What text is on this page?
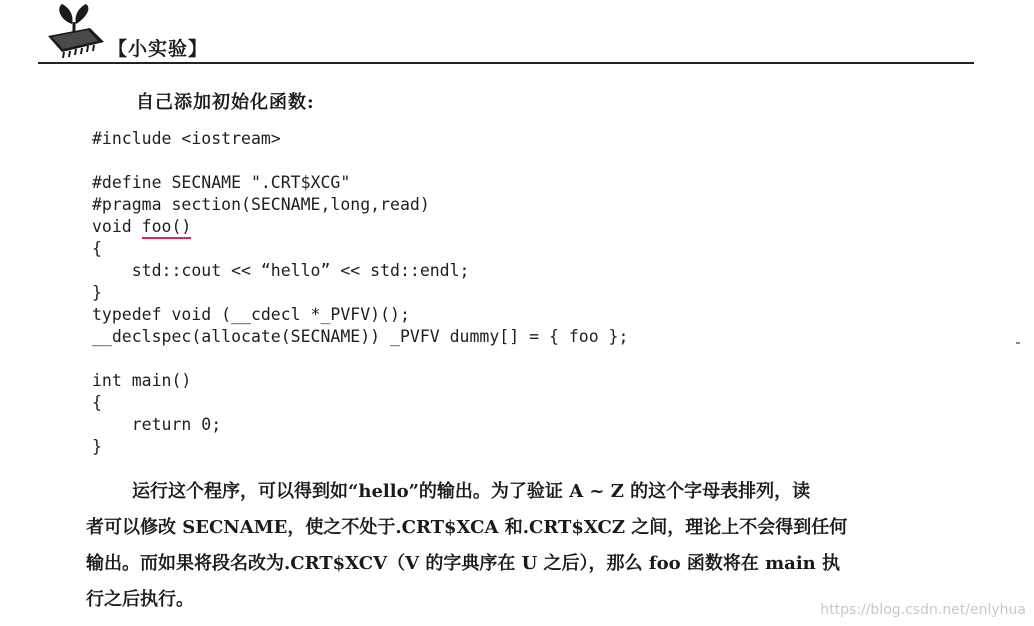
【小实验】
自己添加初始化函数:
#include <iostream>
#define SECNAME ".CRT$XCG"
#pragma section(SECNAME,long,read)
void foo()
{
std::cout << “hello” << std::endl;
}
typedef void (__cdecl *_PVFV)();
__declspec(allocate(SECNAME)) _PVFV dummy[] = { foo };
int main()
{
return 0;
}

运行这个程序，可以得到如“hello”的输出。为了验证 A ~ Z 的这个字母表排列，读

者可以修改 SECNAME，使之不处于.CRT$XCA 和.CRT$XCZ 之间，理论上不会得到任何

输出。而如果将段名改为.CRT$XCV（V 的字典序在 U 之后），那么 foo 函数将在 main 执

行之后执行。	https://blog.csdn.net/enlyhua
